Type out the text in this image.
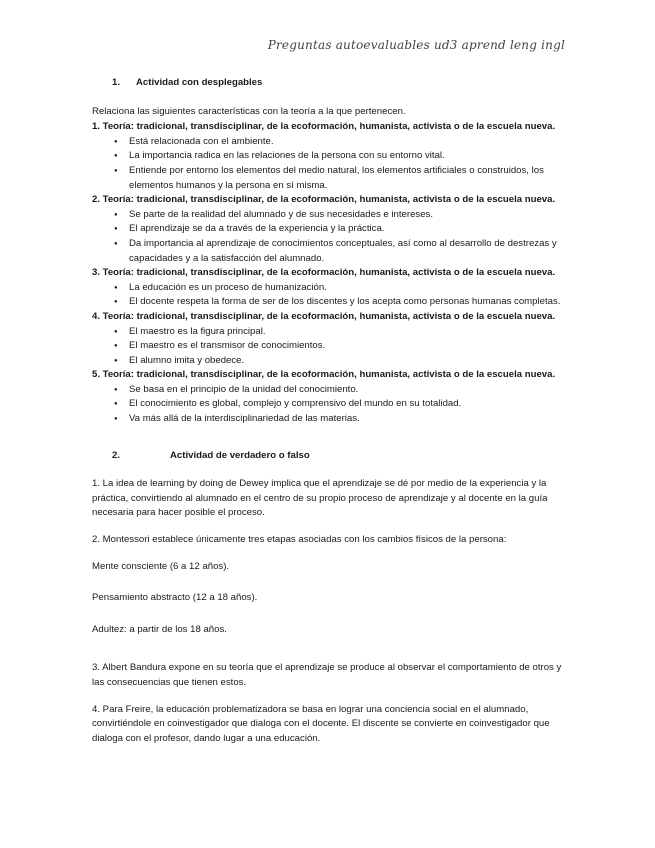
Preguntas autoevaluables ud3 aprend leng ingl
1.	Actividad con desplegables

Relaciona las siguientes características con la teoría a la que pertenecen.

1. Teoría: tradicional, transdisciplinar, de la ecoformación, humanista, activista o de la escuela nueva.

● Está relacionada con el ambiente.
● La importancia radica en las relaciones de la persona con su entorno vital.
● Entiende por entorno los elementos del medio natural, los elementos artificiales o construidos, los elementos humanos y la persona en sí misma.

2. Teoría: tradicional, transdisciplinar, de la ecoformación, humanista, activista o de la escuela nueva.

● Se parte de la realidad del alumnado y de sus necesidades e intereses.
● El aprendizaje se da a través de la experiencia y la práctica.
● Da importancia al aprendizaje de conocimientos conceptuales, así como al desarrollo de destrezas y capacidades y a la satisfacción del alumnado.

3. Teoría: tradicional, transdisciplinar, de la ecoformación, humanista, activista o de la escuela nueva.

● La educación es un proceso de humanización.
● El docente respeta la forma de ser de los discentes y los acepta como personas humanas completas.

4. Teoría: tradicional, transdisciplinar, de la ecoformación, humanista, activista o de la escuela nueva.

● El maestro es la figura principal.
● El maestro es el transmisor de conocimientos.
● El alumno imita y obedece.

5. Teoría: tradicional, transdisciplinar, de la ecoformación, humanista, activista o de la escuela nueva.

● Se basa en el principio de la unidad del conocimiento.
● El conocimiento es global, complejo y comprensivo del mundo en su totalidad.
● Va más allá de la interdisciplinariedad de las materias.
2.	Actividad de verdadero o falso

1. La idea de learning by doing de Dewey implica que el aprendizaje se dé por medio de la experiencia y la práctica, convirtiendo al alumnado en el centro de su propio proceso de aprendizaje y al docente en la guía necesaria para hacer posible el proceso.

2. Montessori establece únicamente tres etapas asociadas con los cambios físicos de la persona:

Mente consciente (6 a 12 años).

Pensamiento abstracto (12 a 18 años).

Adultez: a partir de los 18 años.

3. Albert Bandura expone en su teoría que el aprendizaje se produce al observar el comportamiento de otros y las consecuencias que tienen estos.

4. Para Freire, la educación problematizadora se basa en lograr una conciencia social en el alumnado, convirtiéndole en coinvestigador que dialoga con el docente. El discente se convierte en coinvestigador que dialoga con el profesor, dando lugar a una educación.
